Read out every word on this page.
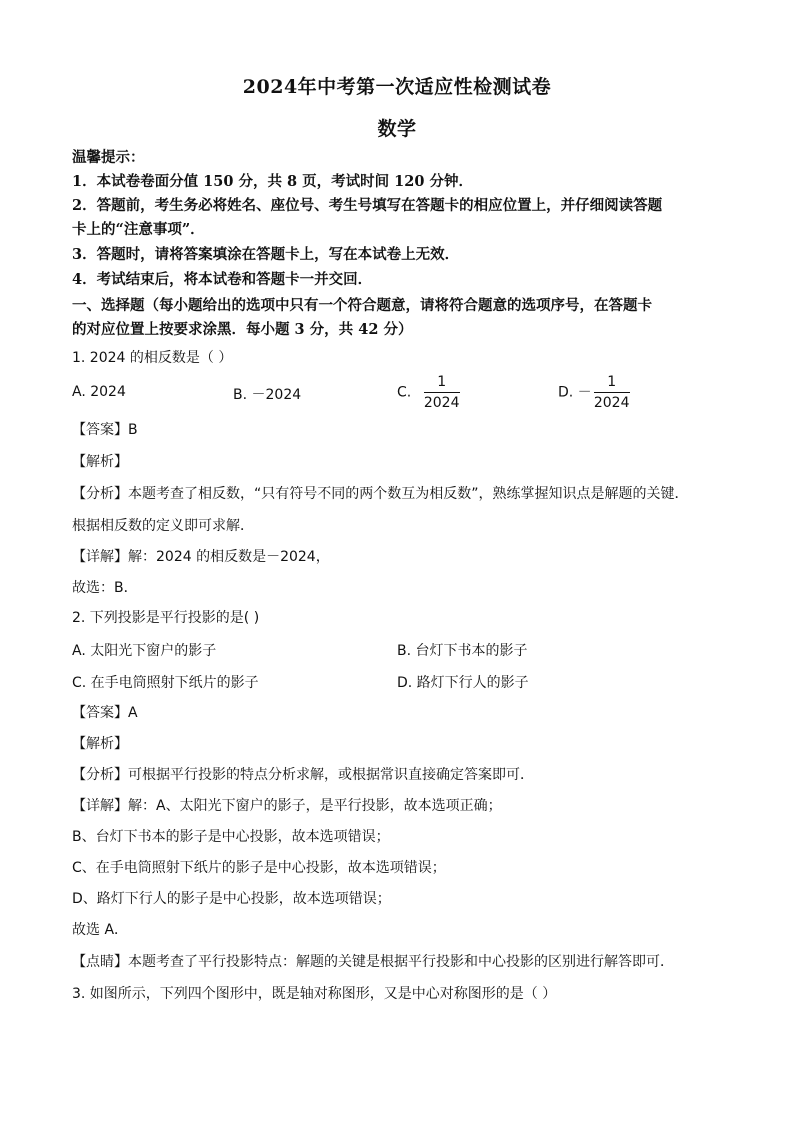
2024年中考第一次适应性检测试卷
数学
温馨提示：
1．本试卷卷面分值 150 分，共 8 页，考试时间 120 分钟．
2．答题前，考生务必将姓名、座位号、考生号填写在答题卡的相应位置上，并仔细阅读答题
卡上的“注意事项”．
3．答题时，请将答案填涂在答题卡上，写在本试卷上无效．
4．考试结束后，将本试卷和答题卡一并交回．
一、选择题（每小题给出的选项中只有一个符合题意，请将符合题意的选项序号，在答题卡
的对应位置上按要求涂黑．每小题 3 分，共 42 分）
1. 2024 的相反数是（ ）
A. 2024	B. －2024	C. $\frac{1}{2024}$	D. － $\frac{1}{2024}$
【答案】B
【解析】
【分析】本题考查了相反数，“只有符号不同的两个数互为相反数”，熟练掌握知识点是解题的关键．
根据相反数的定义即可求解．
【详解】解：2024 的相反数是－2024，
故选：B．
2. 下列投影是平行投影的是( )
A. 太阳光下窗户的影子	B. 台灯下书本的影子
C. 在手电筒照射下纸片的影子	D. 路灯下行人的影子
【答案】A
【解析】
【分析】可根据平行投影的特点分析求解，或根据常识直接确定答案即可．
【详解】解：A、太阳光下窗户的影子，是平行投影，故本选项正确；
B、台灯下书本的影子是中心投影，故本选项错误；
C、在手电筒照射下纸片的影子是中心投影，故本选项错误；
D、路灯下行人的影子是中心投影，故本选项错误；
故选 A．
【点睛】本题考查了平行投影特点：解题的关键是根据平行投影和中心投影的区别进行解答即可．
3. 如图所示，下列四个图形中，既是轴对称图形，又是中心对称图形的是（ ）
